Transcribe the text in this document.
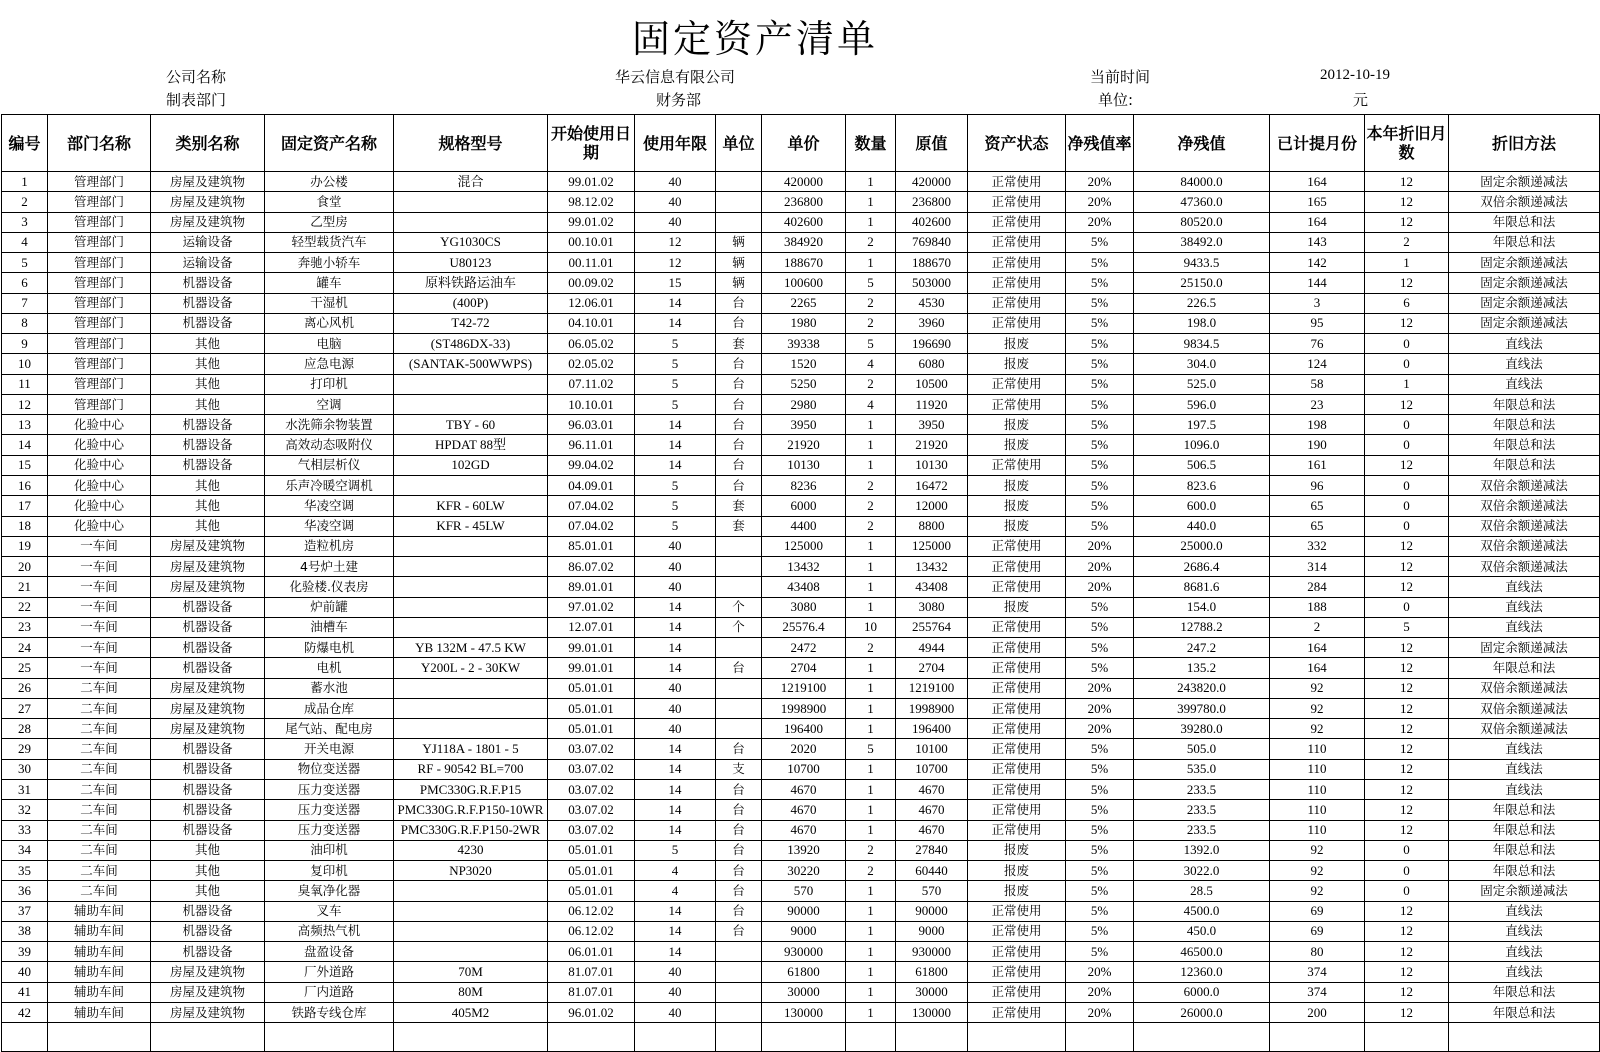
固定资产清单
公司名称	华云信息有限公司	当前时间	2012-10-19
制表部门	财务部	单位:	元
编号	部门名称	类别名称	固定资产名称	规格型号	开始使用日期	使用年限	单位	单价	数量	原值	资产状态	净残值率	净残值	已计提月份	本年折旧月数	折旧方法
1	管理部门	房屋及建筑物	办公楼	混合	99.01.02	40		420000	1	420000	正常使用	20%	84000.0	164	12	固定余额递减法
2	管理部门	房屋及建筑物	食堂		98.12.02	40		236800	1	236800	正常使用	20%	47360.0	165	12	双倍余额递减法
3	管理部门	房屋及建筑物	乙型房		99.01.02	40		402600	1	402600	正常使用	20%	80520.0	164	12	年限总和法
4	管理部门	运输设备	轻型载货汽车	YG1030CS	00.10.01	12	辆	384920	2	769840	正常使用	5%	38492.0	143	2	年限总和法
5	管理部门	运输设备	奔驰小轿车	U80123	00.11.01	12	辆	188670	1	188670	正常使用	5%	9433.5	142	1	固定余额递减法
6	管理部门	机器设备	罐车	原料铁路运油车	00.09.02	15	辆	100600	5	503000	正常使用	5%	25150.0	144	12	固定余额递减法
7	管理部门	机器设备	干湿机	(400P)	12.06.01	14	台	2265	2	4530	正常使用	5%	226.5	3	6	固定余额递减法
8	管理部门	机器设备	离心风机	T42-72	04.10.01	14	台	1980	2	3960	正常使用	5%	198.0	95	12	固定余额递减法
9	管理部门	其他	电脑	(ST486DX-33)	06.05.02	5	套	39338	5	196690	报废	5%	9834.5	76	0	直线法
10	管理部门	其他	应急电源	(SANTAK-500WWPS)	02.05.02	5	台	1520	4	6080	报废	5%	304.0	124	0	直线法
11	管理部门	其他	打印机		07.11.02	5	台	5250	2	10500	正常使用	5%	525.0	58	1	直线法
12	管理部门	其他	空调		10.10.01	5	台	2980	4	11920	正常使用	5%	596.0	23	12	年限总和法
13	化验中心	机器设备	水洗筛余物装置	TBY - 60	96.03.01	14	台	3950	1	3950	报废	5%	197.5	198	0	年限总和法
14	化验中心	机器设备	高效动态吸附仪	HPDAT 88型	96.11.01	14	台	21920	1	21920	报废	5%	1096.0	190	0	年限总和法
15	化验中心	机器设备	气相层析仪	102GD	99.04.02	14	台	10130	1	10130	正常使用	5%	506.5	161	12	年限总和法
16	化验中心	其他	乐声冷暖空调机		04.09.01	5	台	8236	2	16472	报废	5%	823.6	96	0	双倍余额递减法
17	化验中心	其他	华凌空调	KFR - 60LW	07.04.02	5	套	6000	2	12000	报废	5%	600.0	65	0	双倍余额递减法
18	化验中心	其他	华凌空调	KFR - 45LW	07.04.02	5	套	4400	2	8800	报废	5%	440.0	65	0	双倍余额递减法
19	一车间	房屋及建筑物	造粒机房		85.01.01	40		125000	1	125000	正常使用	20%	25000.0	332	12	双倍余额递减法
20	一车间	房屋及建筑物	4号炉土建		86.07.02	40		13432	1	13432	正常使用	20%	2686.4	314	12	双倍余额递减法
21	一车间	房屋及建筑物	化验楼.仪表房		89.01.01	40		43408	1	43408	正常使用	20%	8681.6	284	12	直线法
22	一车间	机器设备	炉前罐		97.01.02	14	个	3080	1	3080	报废	5%	154.0	188	0	直线法
23	一车间	机器设备	油槽车		12.07.01	14	个	25576.4	10	255764	正常使用	5%	12788.2	2	5	直线法
24	一车间	机器设备	防爆电机	YB 132M - 47.5 KW	99.01.01	14		2472	2	4944	正常使用	5%	247.2	164	12	固定余额递减法
25	一车间	机器设备	电机	Y200L - 2 - 30KW	99.01.01	14	台	2704	1	2704	正常使用	5%	135.2	164	12	年限总和法
26	二车间	房屋及建筑物	蓄水池		05.01.01	40		1219100	1	1219100	正常使用	20%	243820.0	92	12	双倍余额递减法
27	二车间	房屋及建筑物	成品仓库		05.01.01	40		1998900	1	1998900	正常使用	20%	399780.0	92	12	双倍余额递减法
28	二车间	房屋及建筑物	尾气站、配电房		05.01.01	40		196400	1	196400	正常使用	20%	39280.0	92	12	双倍余额递减法
29	二车间	机器设备	开关电源	YJ118A - 1801 - 5	03.07.02	14	台	2020	5	10100	正常使用	5%	505.0	110	12	直线法
30	二车间	机器设备	物位变送器	RF - 90542 BL=700	03.07.02	14	支	10700	1	10700	正常使用	5%	535.0	110	12	直线法
31	二车间	机器设备	压力变送器	PMC330G.R.F.P15	03.07.02	14	台	4670	1	4670	正常使用	5%	233.5	110	12	直线法
32	二车间	机器设备	压力变送器	PMC330G.R.F.P150-10WR	03.07.02	14	台	4670	1	4670	正常使用	5%	233.5	110	12	年限总和法
33	二车间	机器设备	压力变送器	PMC330G.R.F.P150-2WR	03.07.02	14	台	4670	1	4670	正常使用	5%	233.5	110	12	年限总和法
34	二车间	其他	油印机	4230	05.01.01	5	台	13920	2	27840	报废	5%	1392.0	92	0	年限总和法
35	二车间	其他	复印机	NP3020	05.01.01	4	台	30220	2	60440	报废	5%	3022.0	92	0	年限总和法
36	二车间	其他	臭氧净化器		05.01.01	4	台	570	1	570	报废	5%	28.5	92	0	固定余额递减法
37	辅助车间	机器设备	叉车		06.12.02	14	台	90000	1	90000	正常使用	5%	4500.0	69	12	直线法
38	辅助车间	机器设备	高频热气机		06.12.02	14	台	9000	1	9000	正常使用	5%	450.0	69	12	直线法
39	辅助车间	机器设备	盘盈设备		06.01.01	14		930000	1	930000	正常使用	5%	46500.0	80	12	直线法
40	辅助车间	房屋及建筑物	厂外道路	70M	81.07.01	40		61800	1	61800	正常使用	20%	12360.0	374	12	直线法
41	辅助车间	房屋及建筑物	厂内道路	80M	81.07.01	40		30000	1	30000	正常使用	20%	6000.0	374	12	年限总和法
42	辅助车间	房屋及建筑物	铁路专线仓库	405M2	96.01.02	40		130000	1	130000	正常使用	20%	26000.0	200	12	年限总和法
